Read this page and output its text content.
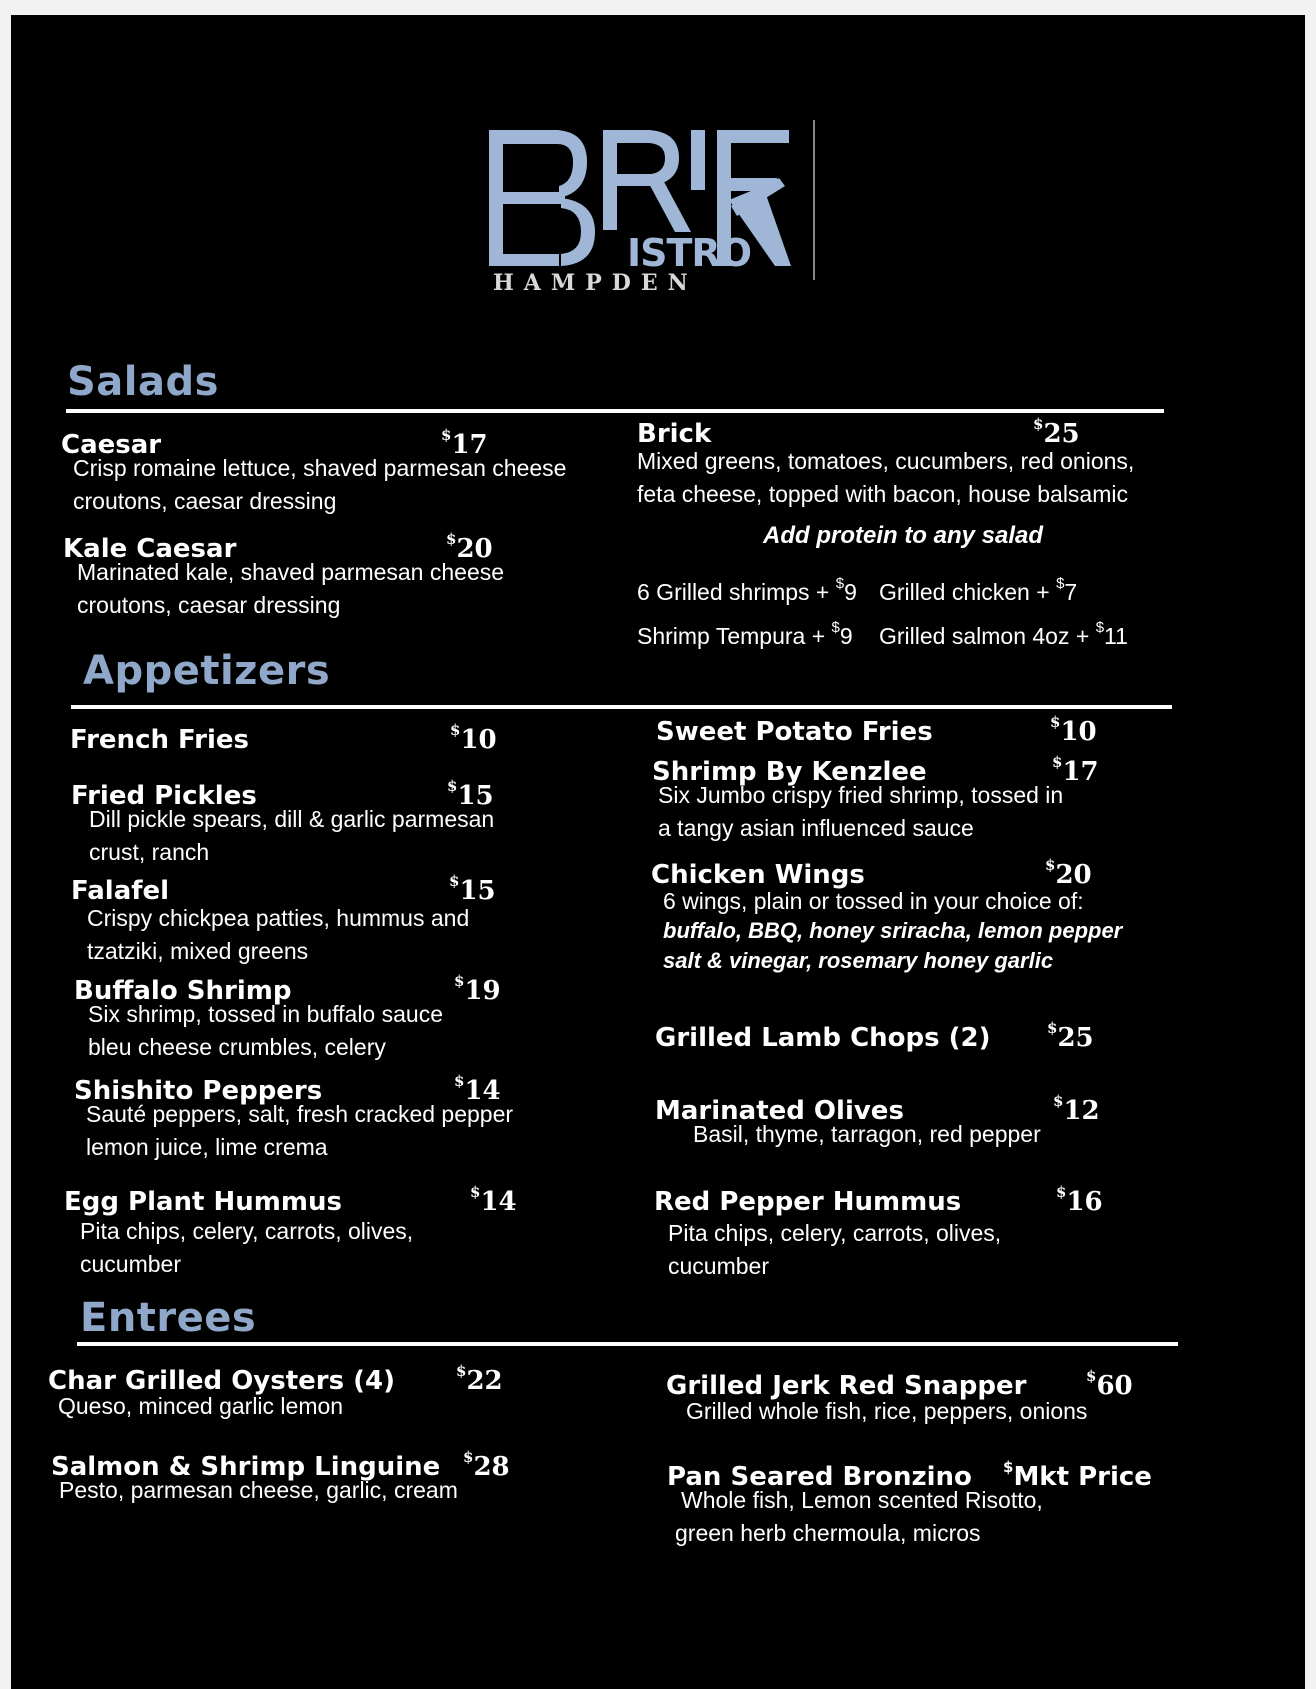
ISTRO
HAMPDEN
Salads
Caesar	$17
Crisp romaine lettuce, shaved parmesan cheese
croutons, caesar dressing
Kale Caesar	$20
Marinated kale, shaved parmesan cheese
croutons, caesar dressing
Brick	$25
Mixed greens, tomatoes, cucumbers, red onions,
feta cheese, topped with bacon, house balsamic
Add protein to any salad
6 Grilled shrimps + $9 Grilled chicken + $7
Shrimp Tempura + $9 Grilled salmon 4oz + $11
Appetizers
French Fries	$10
Fried Pickles	$15
Dill pickle spears, dill & garlic parmesan
crust, ranch
Falafel	$15
Crispy chickpea patties, hummus and
tzatziki, mixed greens
Buffalo Shrimp	$19
Six shrimp, tossed in buffalo sauce
bleu cheese crumbles, celery
Shishito Peppers	$14
Sauté peppers, salt, fresh cracked pepper
lemon juice, lime crema
Egg Plant Hummus	$14
Pita chips, celery, carrots, olives,
cucumber
Sweet Potato Fries	$10
Shrimp By Kenzlee	$17
Six Jumbo crispy fried shrimp, tossed in
a tangy asian influenced sauce
Chicken Wings	$20
6 wings, plain or tossed in your choice of:
buffalo, BBQ, honey sriracha, lemon pepper
salt & vinegar, rosemary honey garlic
Grilled Lamb Chops (2)	$25
Marinated Olives	$12
Basil, thyme, tarragon, red pepper
Red Pepper Hummus	$16
Pita chips, celery, carrots, olives,
cucumber
Entrees
Char Grilled Oysters (4)	$22
Queso, minced garlic lemon
Salmon & Shrimp Linguine $28
Pesto, parmesan cheese, garlic, cream
Grilled Jerk Red Snapper	$60
Grilled whole fish, rice, peppers, onions
Pan Seared Bronzino $Mkt Price
Whole fish, Lemon scented Risotto,
green herb chermoula, micros
